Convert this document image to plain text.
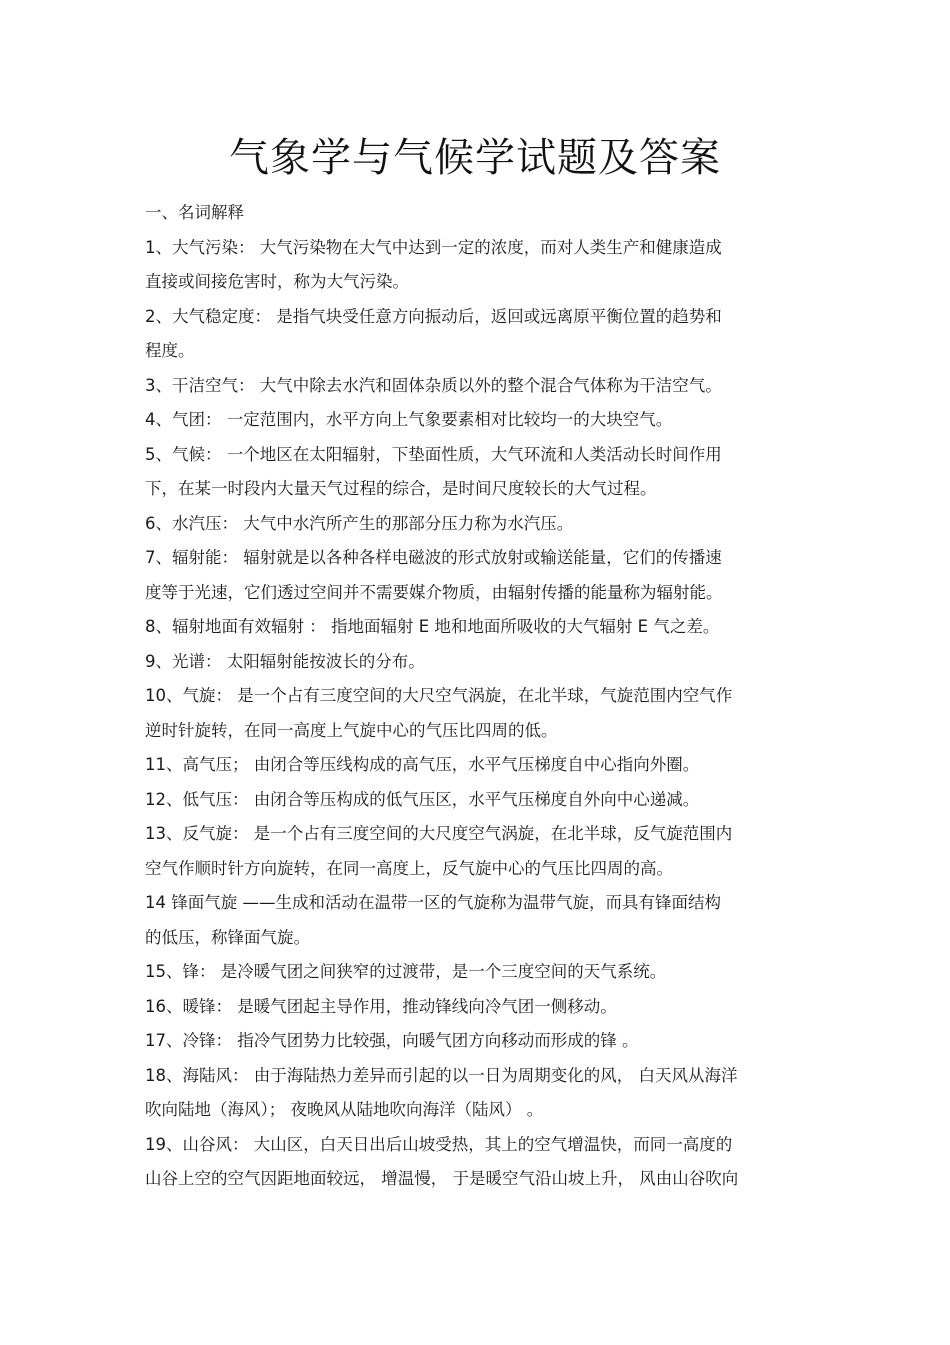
气象学与气候学试题及答案
一、名词解释
1、大气污染： 大气污染物在大气中达到一定的浓度，而对人类生产和健康造成
直接或间接危害时，称为大气污染。
2、大气稳定度： 是指气块受任意方向振动后，返回或远离原平衡位置的趋势和
程度。
3、干洁空气： 大气中除去水汽和固体杂质以外的整个混合气体称为干洁空气。
4、气团： 一定范围内，水平方向上气象要素相对比较均一的大块空气。
5、气候： 一个地区在太阳辐射，下垫面性质，大气环流和人类活动长时间作用
下，在某一时段内大量天气过程的综合，是时间尺度较长的大气过程。
6、水汽压： 大气中水汽所产生的那部分压力称为水汽压。
7、辐射能： 辐射就是以各种各样电磁波的形式放射或输送能量，它们的传播速
度等于光速，它们透过空间并不需要媒介物质，由辐射传播的能量称为辐射能。
8、辐射地面有效辐射 ： 指地面辐射 E 地和地面所吸收的大气辐射 E 气之差。
9、光谱： 太阳辐射能按波长的分布。
10、气旋： 是一个占有三度空间的大尺空气涡旋，在北半球，气旋范围内空气作
逆时针旋转，在同一高度上气旋中心的气压比四周的低。
11、高气压； 由闭合等压线构成的高气压，水平气压梯度自中心指向外圈。
12、低气压： 由闭合等压构成的低气压区，水平气压梯度自外向中心递减。
13、反气旋： 是一个占有三度空间的大尺度空气涡旋，在北半球，反气旋范围内
空气作顺时针方向旋转，在同一高度上，反气旋中心的气压比四周的高。
14 锋面气旋 ——生成和活动在温带一区的气旋称为温带气旋，而具有锋面结构
的低压，称锋面气旋。
15、锋： 是冷暖气团之间狭窄的过渡带，是一个三度空间的天气系统。
16、暖锋： 是暖气团起主导作用，推动锋线向冷气团一侧移动。
17、冷锋： 指冷气团势力比较强，向暖气团方向移动而形成的锋 。
18、海陆风： 由于海陆热力差异而引起的以一日为周期变化的风， 白天风从海洋
吹向陆地（海风）； 夜晚风从陆地吹向海洋（陆风） 。
19、山谷风： 大山区，白天日出后山坡受热，其上的空气增温快，而同一高度的
山谷上空的空气因距地面较远， 增温慢， 于是暖空气沿山坡上升， 风由山谷吹向
